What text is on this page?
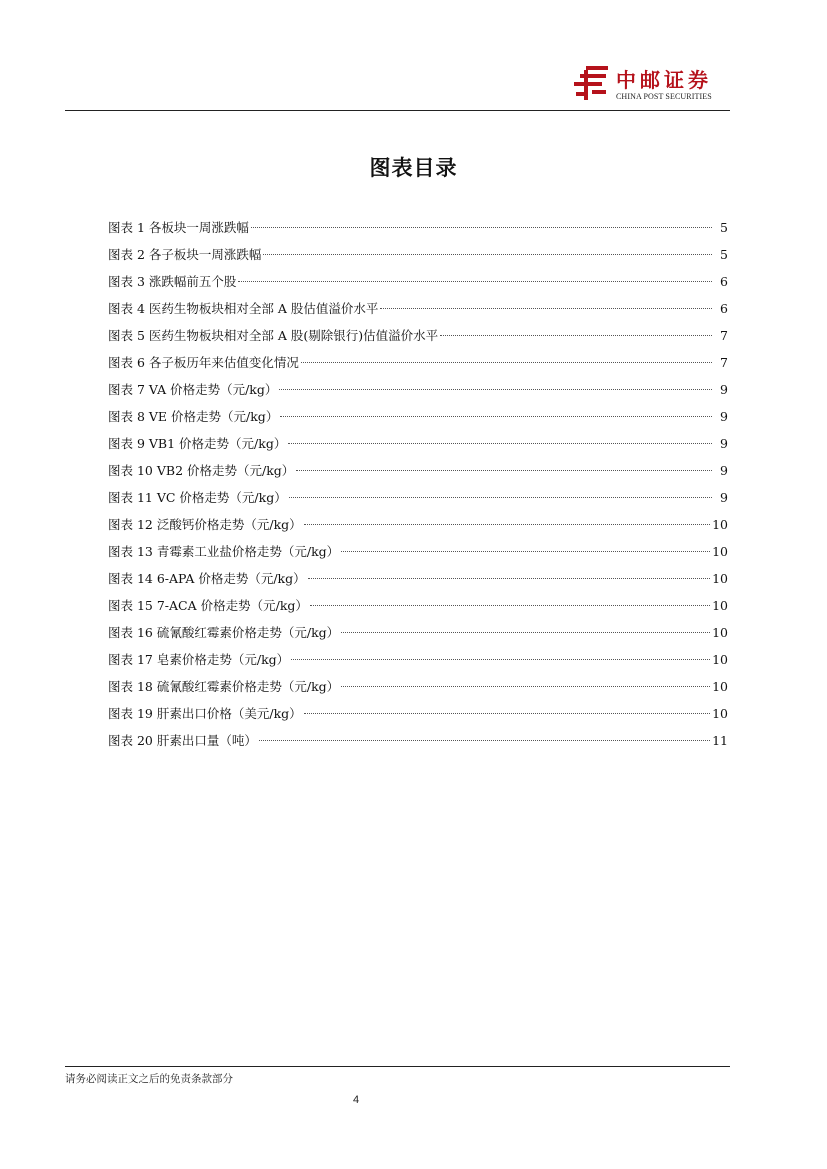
中邮证券
CHINA POST SECURITIES
图表目录
图表 1 各板块一周涨跌幅	5
图表 2 各子板块一周涨跌幅	5
图表 3 涨跌幅前五个股	6
图表 4 医药生物板块相对全部 A 股估值溢价水平	6
图表 5 医药生物板块相对全部 A 股(剔除银行)估值溢价水平	7
图表 6 各子板历年来估值变化情况	7
图表 7 VA 价格走势（元/kg）	9
图表 8 VE 价格走势（元/kg）	9
图表 9 VB1 价格走势（元/kg）	9
图表 10 VB2 价格走势（元/kg）	9
图表 11 VC 价格走势（元/kg）	9
图表 12 泛酸钙价格走势（元/kg）	10
图表 13 青霉素工业盐价格走势（元/kg）	10
图表 14 6-APA 价格走势（元/kg）	10
图表 15 7-ACA 价格走势（元/kg）	10
图表 16 硫氰酸红霉素价格走势（元/kg）	10
图表 17 皂素价格走势（元/kg）	10
图表 18 硫氰酸红霉素价格走势（元/kg）	10
图表 19 肝素出口价格（美元/kg）	10
图表 20 肝素出口量（吨）	11
请务必阅读正文之后的免责条款部分
4
